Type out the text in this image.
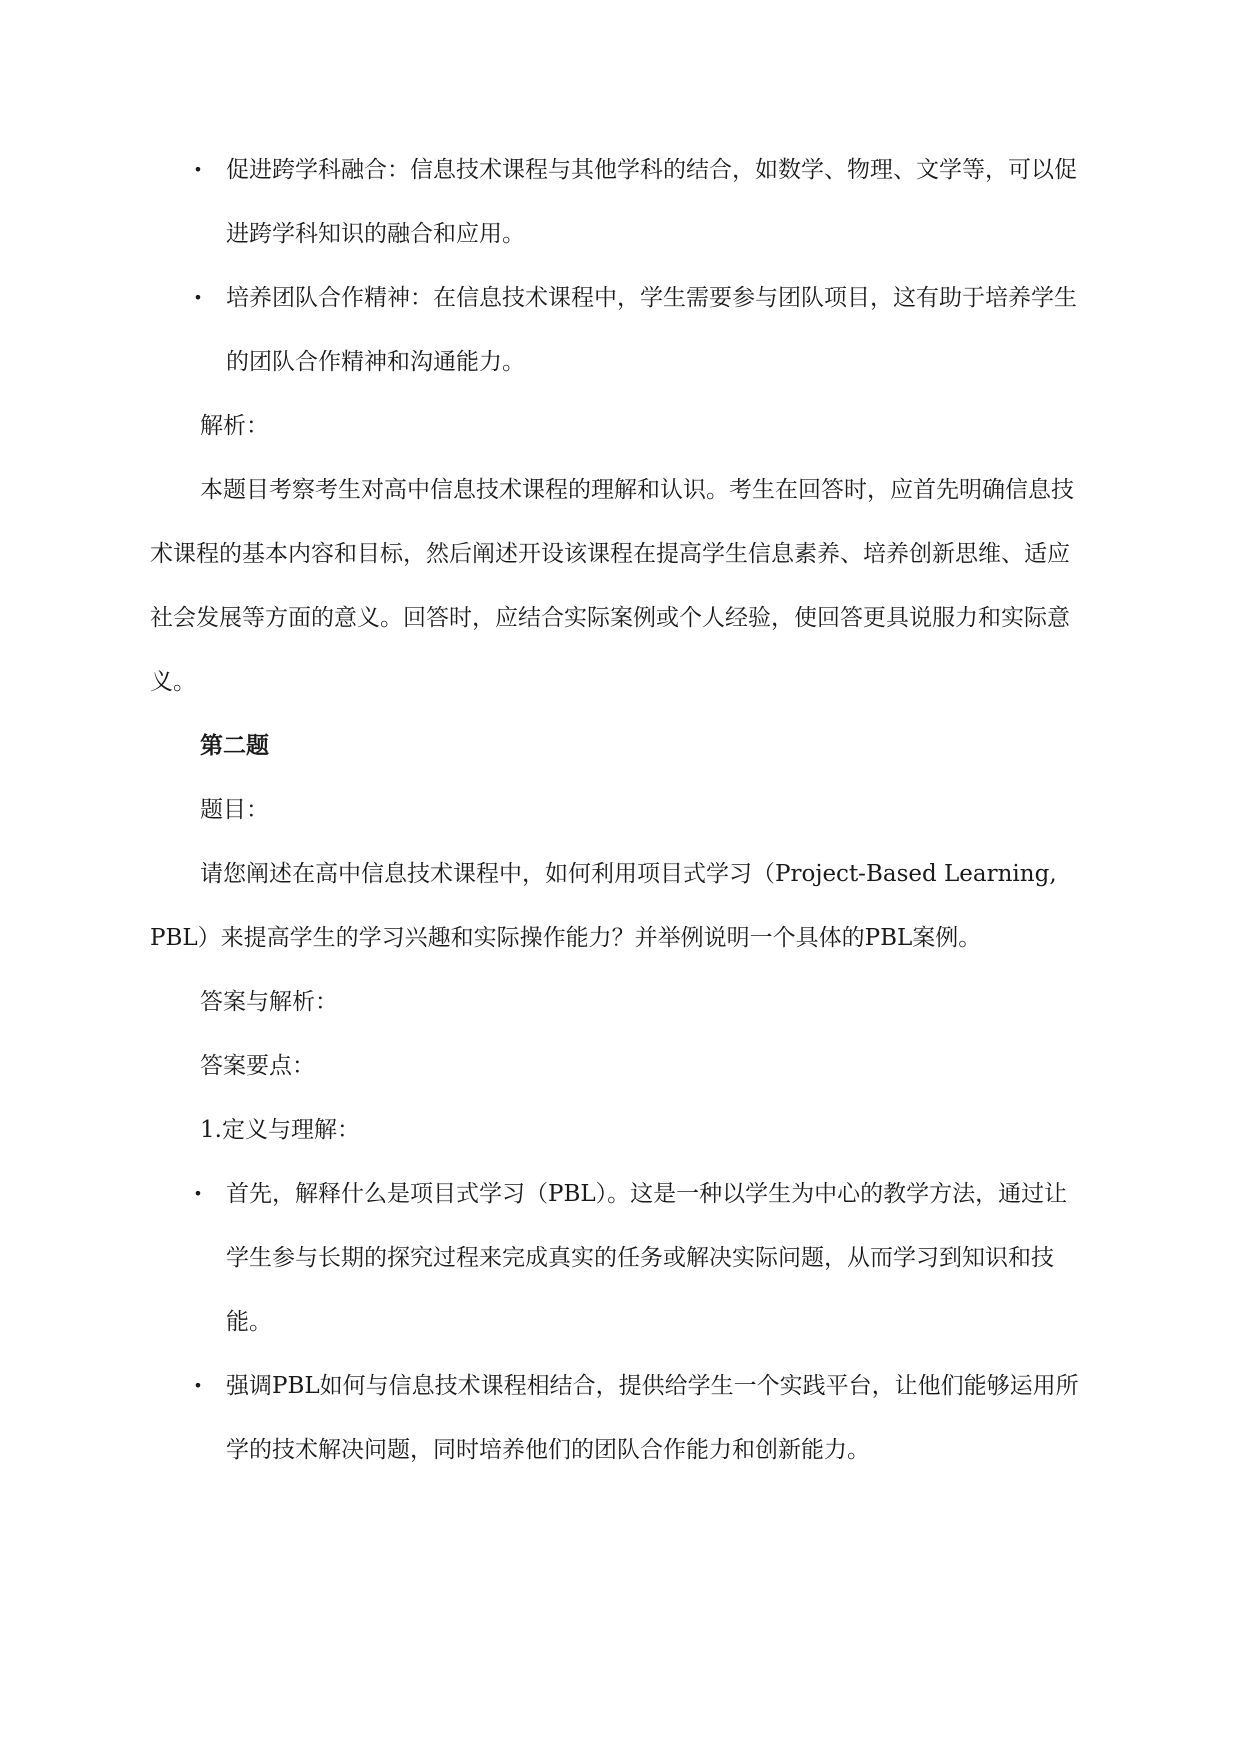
• 促进跨学科融合：信息技术课程与其他学科的结合，如数学、物理、文学等，可以促进跨学科知识的融合和应用。
• 培养团队合作精神：在信息技术课程中，学生需要参与团队项目，这有助于培养学生的团队合作精神和沟通能力。

解析：

本题目考察考生对高中信息技术课程的理解和认识。考生在回答时，应首先明确信息技术课程的基本内容和目标，然后阐述开设该课程在提高学生信息素养、培养创新思维、适应社会发展等方面的意义。回答时，应结合实际案例或个人经验，使回答更具说服力和实际意义。

第二题

题目：

请您阐述在高中信息技术课程中，如何利用项目式学习（Project-Based Learning, PBL）来提高学生的学习兴趣和实际操作能力？并举例说明一个具体的PBL案例。

答案与解析：

答案要点：

1.定义与理解：

• 首先，解释什么是项目式学习（PBL）。这是一种以学生为中心的教学方法，通过让学生参与长期的探究过程来完成真实的任务或解决实际问题，从而学习到知识和技能。
• 强调PBL如何与信息技术课程相结合，提供给学生一个实践平台，让他们能够运用所学的技术解决问题，同时培养他们的团队合作能力和创新能力。
